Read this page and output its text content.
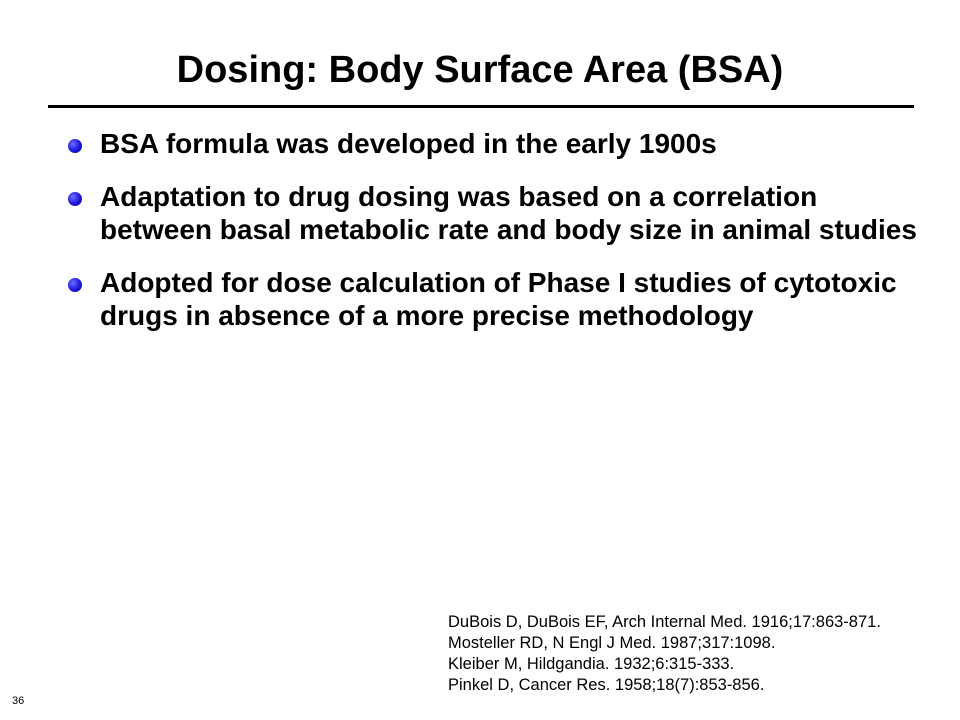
Dosing: Body Surface Area (BSA)
BSA formula was developed in the early 1900s
Adaptation to drug dosing was based on a correlation between basal metabolic rate and body size in animal studies
Adopted for dose calculation of Phase I studies of cytotoxic drugs in absence of a more precise methodology
DuBois D, DuBois EF, Arch Internal Med. 1916;17:863-871.
Mosteller RD, N Engl J Med. 1987;317:1098.
Kleiber M, Hildgandia. 1932;6:315-333.
Pinkel D, Cancer Res. 1958;18(7):853-856.
36
